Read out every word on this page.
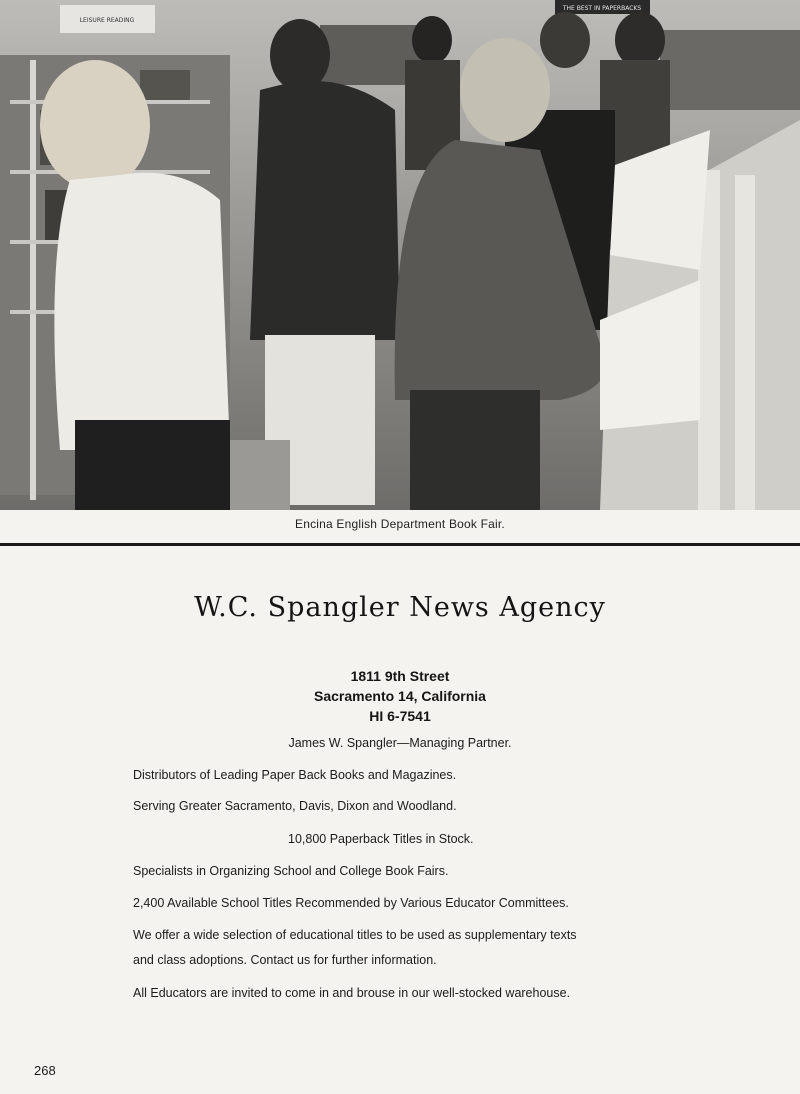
THE BEST IN PAPERBACKS
LEISURE READING
Encina English Department Book Fair.
W.C. Spangler News Agency
1811 9th Street
Sacramento 14, California
HI 6-7541
James W. Spangler—Managing Partner.
Distributors of Leading Paper Back Books and Magazines.
Serving Greater Sacramento, Davis, Dixon and Woodland.
10,800 Paperback Titles in Stock.
Specialists in Organizing School and College Book Fairs.
2,400 Available School Titles Recommended by Various Educator Committees.
We offer a wide selection of educational titles to be used as supplementary texts
and class adoptions. Contact us for further information.
All Educators are invited to come in and brouse in our well-stocked warehouse.
268
